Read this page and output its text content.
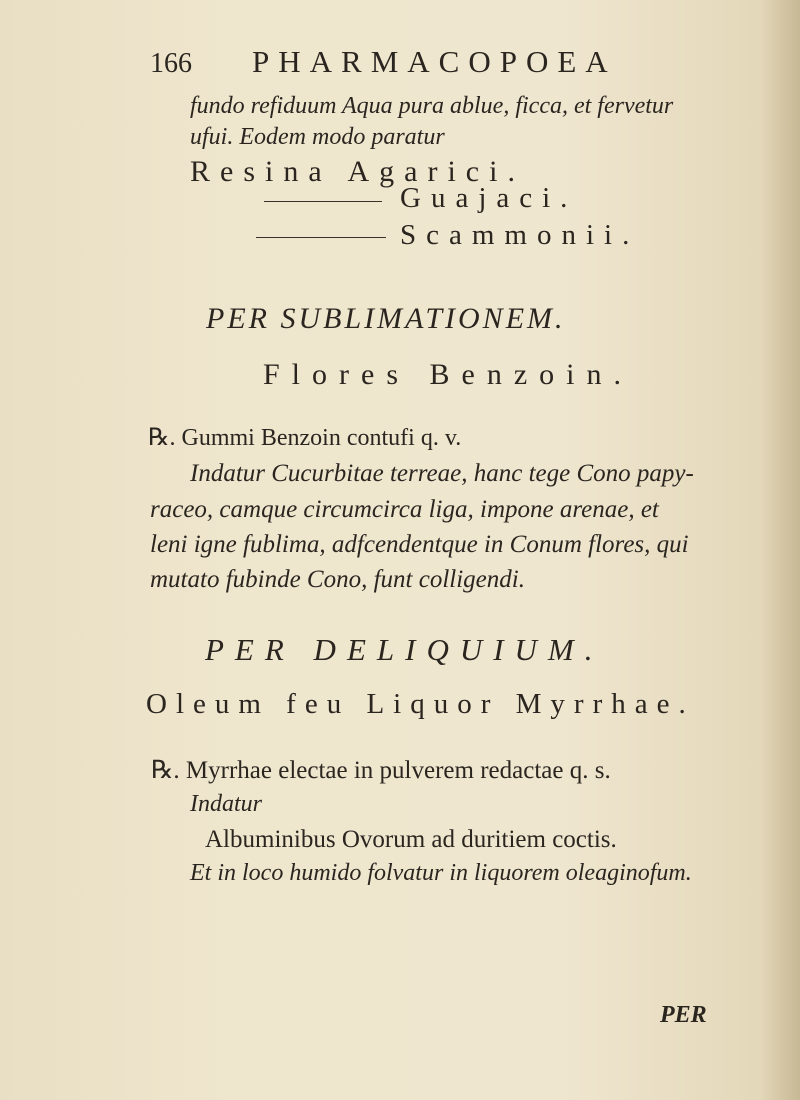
166 PHARMACOPOEA
fundo refiduum Aqua pura ablue, ficca, et fervetur
ufui. Eodem modo paratur
Resina Agarici.
Guajaci.
Scammonii.
PER SUBLIMATIONEM.
Flores Benzoin.
℞. Gummi Benzoin contufi q. v.
Indatur Cucurbitae terreae, hanc tege Cono papy-
raceo, camque circumcirca liga, impone arenae, et
leni igne fublima, adfcendentque in Conum flores, qui
mutato fubinde Cono, funt colligendi.
PER DELIQUIUM.
Oleum feu Liquor Myrrhae.
℞. Myrrhae electae in pulverem redactae q. s.
Indatur
Albuminibus Ovorum ad duritiem coctis.
Et in loco humido folvatur in liquorem oleaginofum.
PER
